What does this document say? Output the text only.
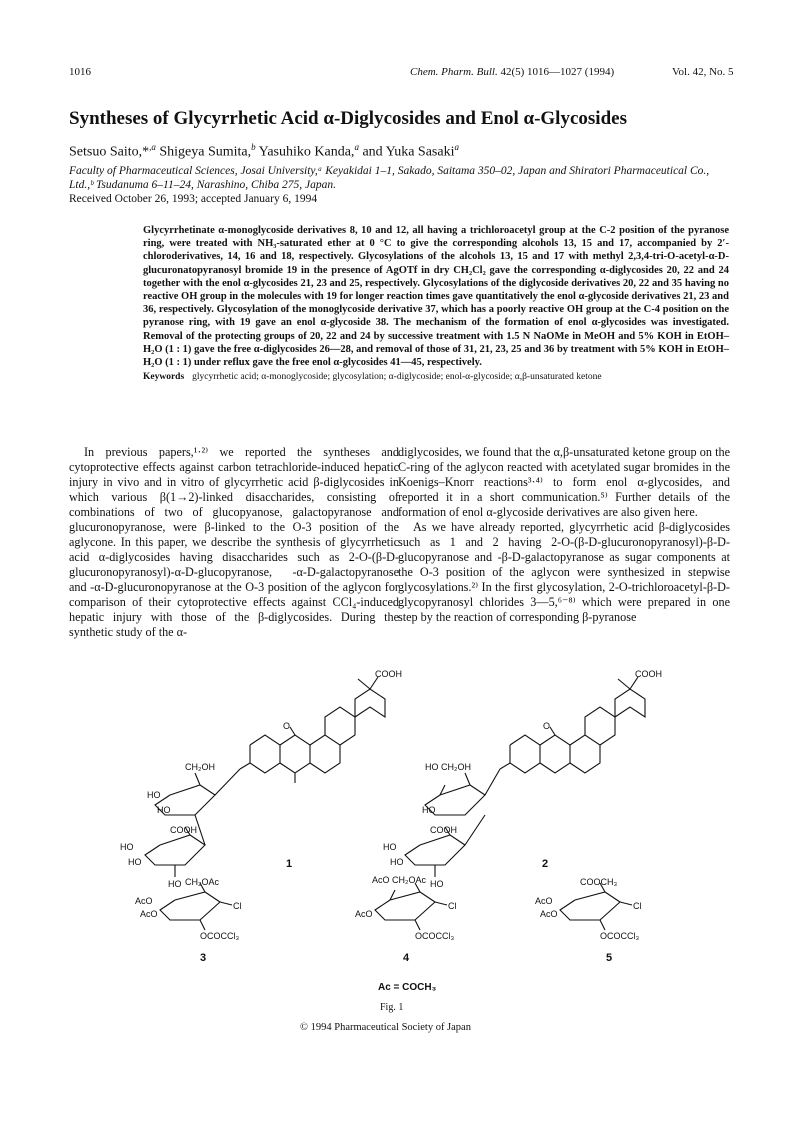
1016	Chem. Pharm. Bull. 42(5) 1016—1027 (1994)	Vol. 42, No. 5
Syntheses of Glycyrrhetic Acid α-Diglycosides and Enol α-Glycosides
Setsuo Saito,*$^{,a}$ Shigeya Sumita,$^b$ Yasuhiko Kanda,$^a$ and Yuka Sasaki$^a$
Faculty of Pharmaceutical Sciences, Josai University,ᵃ Keyakidai 1–1, Sakado, Saitama 350–02, Japan and Shiratori Pharmaceutical Co., Ltd.,ᵇ Tsudanuma 6–11–24, Narashino, Chiba 275, Japan.
Received October 26, 1993; accepted January 6, 1994
Glycyrrhetinate α-monoglycoside derivatives 8, 10 and 12, all having a trichloroacetyl group at the C-2 position of the pyranose ring, were treated with NH₃-saturated ether at 0 °C to give the corresponding alcohols 13, 15 and 17, accompanied by 2′-chloroderivatives, 14, 16 and 18, respectively. Glycosylations of the alcohols 13, 15 and 17 with methyl 2,3,4-tri-O-acetyl-α-D-glucuronatopyranosyl bromide 19 in the presence of AgOTf in dry CH₂Cl₂ gave the corresponding α-diglycosides 20, 22 and 24 together with the enol α-glycosides 21, 23 and 25, respectively. Glycosylations of the diglycoside derivatives 20, 22 and 35 having no reactive OH group in the molecules with 19 for longer reaction times gave quantitatively the enol α-glycoside derivatives 21, 23 and 36, respectively. Glycosylation of the monoglycoside derivative 37, which has a poorly reactive OH group at the C-4 position on the pyranose ring, with 19 gave an enol α-glycoside 38. The mechanism of the formation of enol α-glycosides was investigated. Removal of the protecting groups of 20, 22 and 24 by successive treatment with 1.5 N NaOMe in MeOH and 5% KOH in EtOH–H₂O (1 : 1) gave the free α-diglycosides 26—28, and removal of those of 31, 21, 23, 25 and 36 by treatment with 5% KOH in EtOH–H₂O (1 : 1) under reflux gave the free enol α-glycosides 41—45, respectively.
Keywords glycyrrhetic acid; α-monoglycoside; glycosylation; α-diglycoside; enol-α-glycoside; α,β-unsaturated ketone

In previous papers,¹·²⁾ we reported the syntheses and cytoprotective effects against carbon tetrachloride-induced hepatic injury in vivo and in vitro of glycyrrhetic acid β-diglycosides in which various β(1→2)-linked disaccharides, consisting of combinations of two of glucopyanose, galactopyranose and glucuronopyranose, were β-linked to the O-3 position of the aglycone. In this paper, we describe the synthesis of glycyrrhetic acid α-diglycosides having disaccharides such as 2-O-(β-D-glucuronopyranosyl)-α-D-glucopyranose, -α-D-galactopyranose and -α-D-glucuronopyranose at the O-3 position of the aglycon for comparison of their cytoprotective effects against CCl₄-induced hepatic injury with those of the β-diglycosides. During the synthetic study of the α-

diglycosides, we found that the α,β-unsaturated ketone group on the C-ring of the aglycon reacted with acetylated sugar bromides in the Koenigs–Knorr reactions³·⁴⁾ to form enol α-glycosides, and reported it in a short communication.⁵⁾ Further details of the formation of enol α-glycoside derivatives are also given here.

As we have already reported, glycyrrhetic acid β-diglycosides such as 1 and 2 having 2-O-(β-D-glucuronopyranosyl)-β-D-glucopyranose and -β-D-galactopyranose as sugar components at the O-3 position of the aglycon were synthesized in stepwise glycosylations.²⁾ In the first glycosylation, 2-O-trichloroacetyl-β-D-glycopyranosyl chlorides 3—5,⁶⁻⁸⁾ which were prepared in one step by the reaction of corresponding β-pyranose

COOH
O
CH₂OH
HO
HO
COOH
HO
HO
HO
1
COOH
O
HO CH₂OH
HO
COOH
HO
HO
HO
2
CH₂OAc
AcO
AcO
Cl
OCOCCl₃
3
AcO CH₂OAc
AcO
Cl
OCOCCl₃
4
COOCH₃
AcO
AcO
Cl
OCOCCl₃
5
Ac = COCH₃
Fig. 1
© 1994 Pharmaceutical Society of Japan
